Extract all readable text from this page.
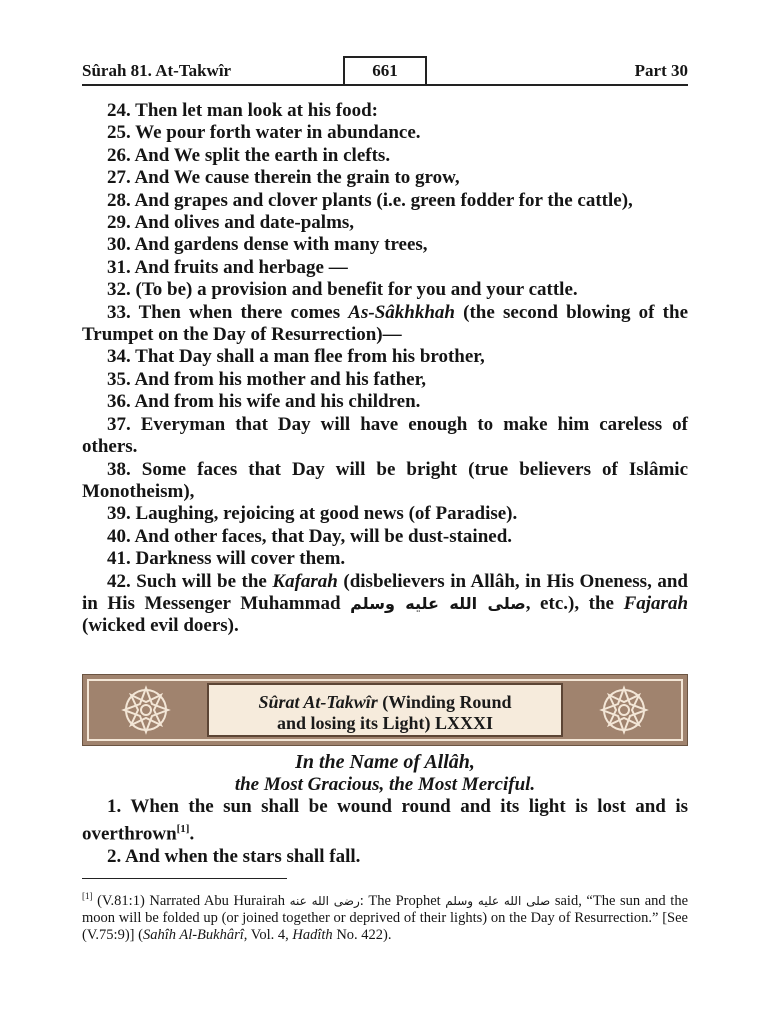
Sûrah 81. At-Takwîr	661	Part 30

24. Then let man look at his food:

25. We pour forth water in abundance.

26. And We split the earth in clefts.

27. And We cause therein the grain to grow,

28. And grapes and clover plants (i.e. green fodder for the cattle),

29. And olives and date-palms,

30. And gardens dense with many trees,

31. And fruits and herbage —

32. (To be) a provision and benefit for you and your cattle.

33. Then when there comes As-Sâkhkhah (the second blowing of the Trumpet on the Day of Resurrection)—

34. That Day shall a man flee from his brother,

35. And from his mother and his father,

36. And from his wife and his children.

37. Everyman that Day will have enough to make him careless of others.

38. Some faces that Day will be bright (true believers of Islâmic Monotheism),

39. Laughing, rejoicing at good news (of Paradise).

40. And other faces, that Day, will be dust-stained.

41. Darkness will cover them.

42. Such will be the Kafarah (disbelievers in Allâh, in His Oneness, and in His Messenger Muhammad صلى الله عليه وسلم, etc.), the Fajarah (wicked evil doers).

Sûrat At-Takwîr (Winding Round
and losing its Light) LXXXI
In the Name of Allâh,
the Most Gracious, the Most Merciful.

1. When the sun shall be wound round and its light is lost and is overthrown[1].

2. And when the stars shall fall.

[1] (V.81:1) Narrated Abu Hurairah رضى الله عنه: The Prophet صلى الله عليه وسلم said, “The sun and the moon will be folded up (or joined together or deprived of their lights) on the Day of Resurrection.” [See (V.75:9)] (Sahîh Al-Bukhârî, Vol. 4, Hadîth No. 422).
